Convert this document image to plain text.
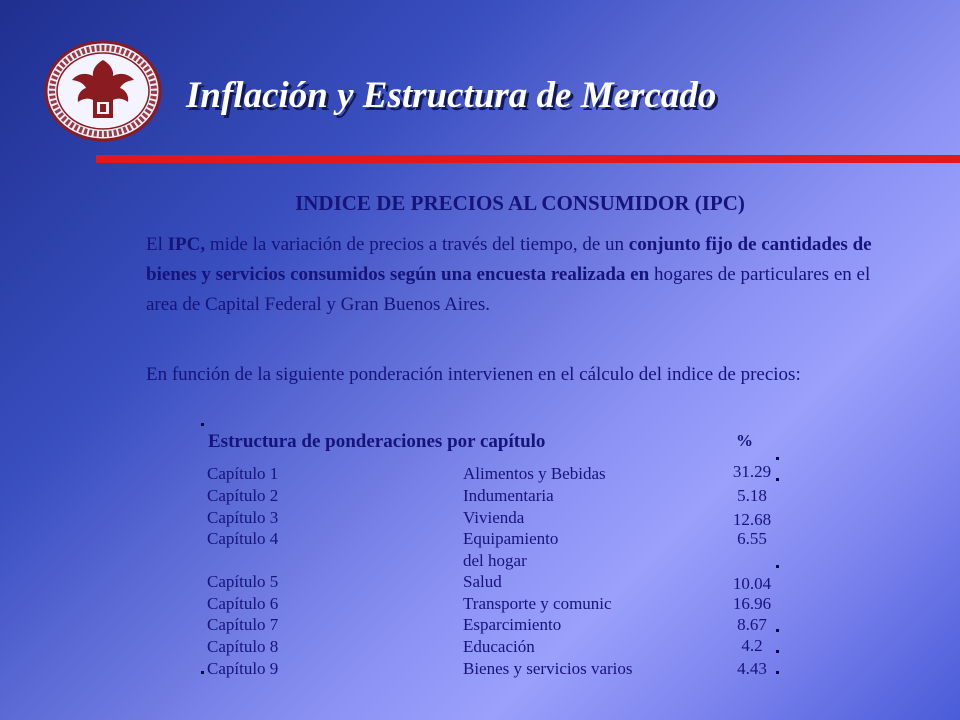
Inflación y Estructura de Mercado
INDICE DE PRECIOS AL CONSUMIDOR (IPC)

El IPC, mide la variación de precios a través del tiempo, de un conjunto fijo de cantidades de bienes y servicios consumidos según una encuesta realizada en hogares de particulares en el area de Capital Federal y Gran Buenos Aires.

En función de la siguiente ponderación intervienen en el cálculo del indice de precios:

Estructura de ponderaciones por capítulo	%
Capítulo 1	Alimentos y Bebidas	31.29
Capítulo 2	Indumentaria	5.18
Capítulo 3	Vivienda	12.68
Capítulo 4	Equipamiento	6.55
del hogar
Capítulo 5	Salud	10.04
Capítulo 6	Transporte y comunic	16.96
Capítulo 7	Esparcimiento	8.67
Capítulo 8	Educación	4.2
Capítulo 9	Bienes y servicios varios	4.43
